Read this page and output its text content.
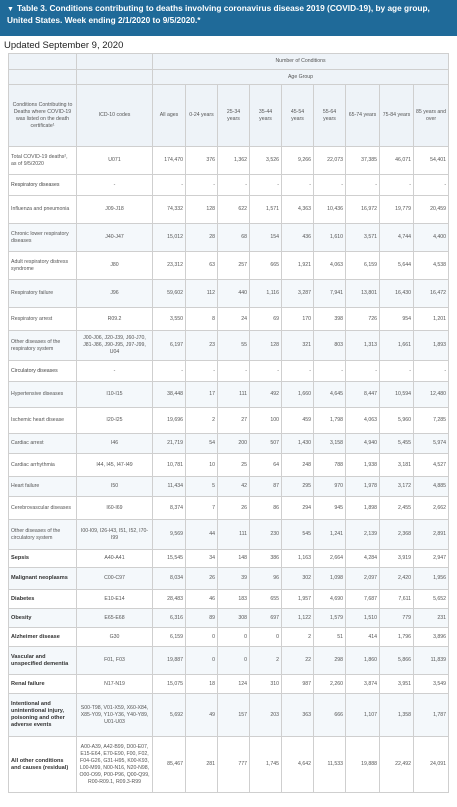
▼ Table 3. Conditions contributing to deaths involving coronavirus disease 2019 (COVID-19), by age group, United States. Week ending 2/1/2020 to 9/5/2020.*
Updated September 9, 2020
		Number of Conditions								
		Age Group								
Conditions Contributing to Deaths where COVID-19 was listed on the death certificate¹	ICD-10 codes	All ages	0-24 years	25-34 years	35-44 years	45-54 years	55-64 years	65-74 years	75-84 years	85 years and over
Total COVID-19 deaths², as of 9/5/2020	U071	174,470	376	1,362	3,526	9,266	22,073	37,385	46,071	54,401
Respiratory diseases	-	-	-	-	-	-	-	-	-	-
Influenza and pneumonia	J09-J18	74,332	128	622	1,571	4,363	10,436	16,972	19,779	20,459
Chronic lower respiratory diseases	J40-J47	15,012	28	68	154	436	1,610	3,571	4,744	4,400
Adult respiratory distress syndrome	J80	23,312	63	257	665	1,921	4,063	6,159	5,644	4,538
Respiratory failure	J96	59,602	112	440	1,116	3,287	7,941	13,801	16,430	16,472
Respiratory arrest	R09.2	3,550	8	24	69	170	398	726	954	1,201
Other diseases of the respiratory system	J00-J06, J20-J39, J60-J70, J81-J86, J90-J95, J97-J99, U04	6,197	23	55	128	321	803	1,313	1,661	1,893
Circulatory diseases	-	-	-	-	-	-	-	-	-	-
Hypertensive diseases	I10-I15	38,448	17	111	492	1,660	4,645	8,447	10,594	12,480
Ischemic heart disease	I20-I25	19,696	2	27	100	459	1,798	4,063	5,960	7,285
Cardiac arrest	I46	21,719	54	200	507	1,430	3,158	4,940	5,455	5,974
Cardiac arrhythmia	I44, I45, I47-I49	10,781	10	25	64	248	788	1,938	3,181	4,527
Heart failure	I50	11,434	5	42	87	295	970	1,978	3,172	4,885
Cerebrovascular diseases	I60-I69	8,374	7	26	86	294	945	1,898	2,455	2,662
Other diseases of the circulatory system	I00-I09, I26-I43, I51, I52, I70-I99	9,569	44	111	230	545	1,241	2,139	2,368	2,891
Sepsis	A40-A41	15,545	34	148	386	1,163	2,664	4,284	3,919	2,947
Malignant neoplasms	C00-C97	8,034	26	39	96	302	1,098	2,097	2,420	1,956
Diabetes	E10-E14	28,483	46	183	655	1,957	4,690	7,687	7,611	5,652
Obesity	E65-E68	6,316	89	308	697	1,122	1,579	1,510	779	231
Alzheimer disease	G30	6,159	0	0	0	2	51	414	1,796	3,896
Vascular and unspecified dementia	F01, F03	19,887	0	0	2	22	298	1,860	5,866	11,839
Renal failure	N17-N19	15,075	18	124	310	987	2,260	3,874	3,951	3,549
Intentional and unintentional injury, poisoning and other adverse events	S00-T98, V01-X59, X60-X84, X85-Y09, Y10-Y36, Y40-Y89, U01-U03	5,692	49	157	203	363	666	1,107	1,358	1,787
All other conditions and causes (residual)	A00-A39, A42-B99, D00-E07, E15-E64, E70-E90, F00, F02, F04-G26, G31-H95, K00-K93, L00-M99, N00-N16, N20-N98, O00-O99, P00-P96, Q00-Q99, R00-R09.1, R09.3-R99	85,467	281	777	1,745	4,642	11,533	19,888	22,492	24,091
